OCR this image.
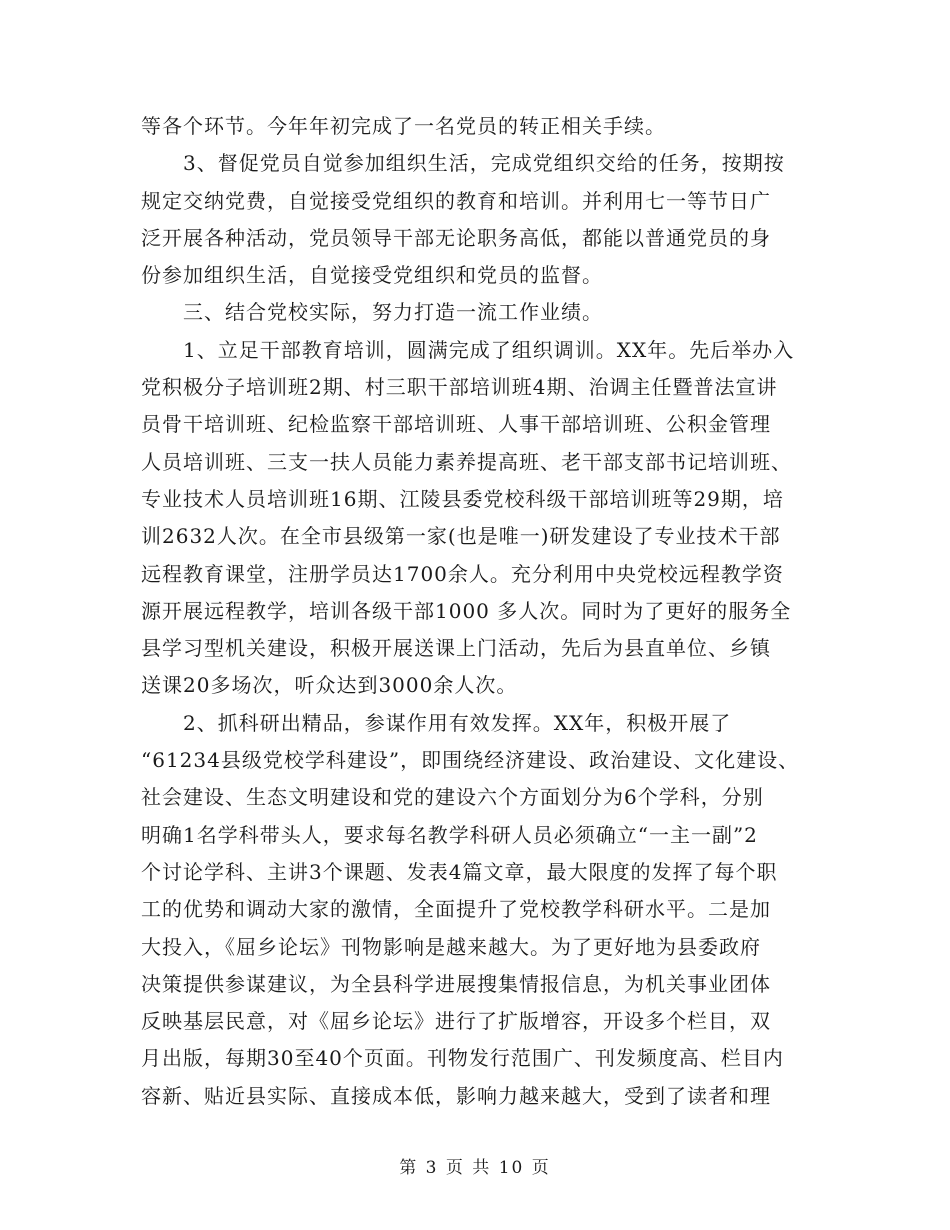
等各个环节。今年年初完成了一名党员的转正相关手续。
3、督促党员自觉参加组织生活，完成党组织交给的任务，按期按
规定交纳党费，自觉接受党组织的教育和培训。并利用七一等节日广
泛开展各种活动，党员领导干部无论职务高低，都能以普通党员的身
份参加组织生活，自觉接受党组织和党员的监督。
三、结合党校实际，努力打造一流工作业绩。
1、立足干部教育培训，圆满完成了组织调训。XX年。先后举办入
党积极分子培训班2期、村三职干部培训班4期、治调主任暨普法宣讲
员骨干培训班、纪检监察干部培训班、人事干部培训班、公积金管理
人员培训班、三支一扶人员能力素养提高班、老干部支部书记培训班、
专业技术人员培训班16期、江陵县委党校科级干部培训班等29期，培
训2632人次。在全市县级第一家(也是唯一)研发建设了专业技术干部
远程教育课堂，注册学员达1700余人。充分利用中央党校远程教学资
源开展远程教学，培训各级干部1000 多人次。同时为了更好的服务全
县学习型机关建设，积极开展送课上门活动，先后为县直单位、乡镇
送课20多场次，听众达到3000余人次。
2、抓科研出精品，参谋作用有效发挥。XX年，积极开展了
“61234县级党校学科建设”，即围绕经济建设、政治建设、文化建设、
社会建设、生态文明建设和党的建设六个方面划分为6个学科，分别
明确1名学科带头人，要求每名教学科研人员必须确立“一主一副”2
个讨论学科、主讲3个课题、发表4篇文章，最大限度的发挥了每个职
工的优势和调动大家的激情，全面提升了党校教学科研水平。二是加
大投入，《屈乡论坛》刊物影响是越来越大。为了更好地为县委政府
决策提供参谋建议，为全县科学进展搜集情报信息，为机关事业团体
反映基层民意，对《屈乡论坛》进行了扩版增容，开设多个栏目，双
月出版，每期30至40个页面。刊物发行范围广、刊发频度高、栏目内
容新、贴近县实际、直接成本低，影响力越来越大，受到了读者和理
第 3 页 共 10 页
